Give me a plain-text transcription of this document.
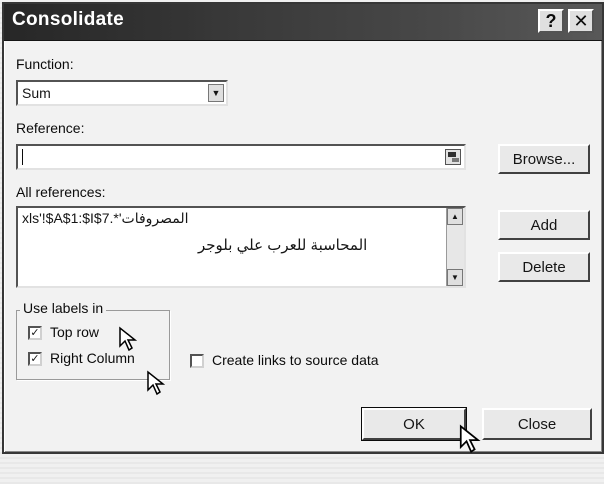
Consolidate	? ✕
Function:
Sum	▼
Reference:
Browse...
All references:
xls'!$A$1:$I$7.*'المصروفات
المحاسبة للعرب علي بلوجر
▲
▼
Add
Delete
Use labels in
✓ Top row
✓ Right Column	Create links to source data
OK	Close
